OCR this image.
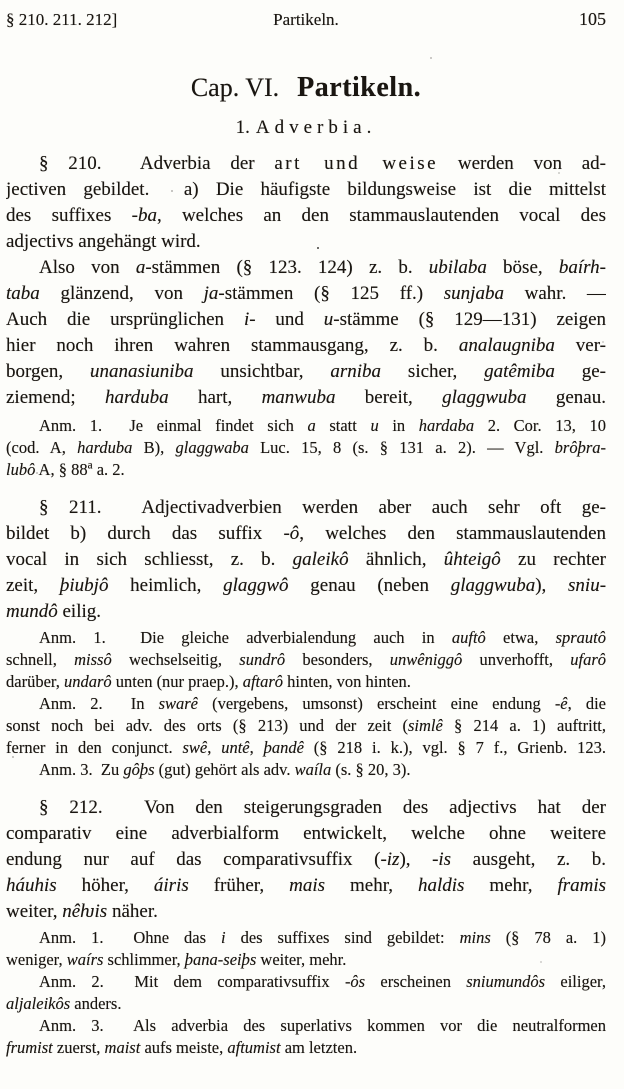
§ 210. 211. 212]	Partikeln.	105
Cap. VI. Partikeln.
1. Adverbia.
§ 210.  Adverbia der art und weise werden von ad-
jectiven gebildet.  a) Die häufigste bildungsweise ist die mittelst
des suffixes -ba, welches an den stammauslautenden vocal des
adjectivs angehängt wird.
Also von a-stämmen (§ 123. 124) z. b. ubilaba böse, baírh-
taba glänzend, von ja-stämmen (§ 125 ff.) sunjaba wahr. —
Auch die ursprünglichen i- und u-stämme (§ 129—131) zeigen
hier noch ihren wahren stammausgang, z. b. analaugniba ver-
borgen, unanasiuniba unsichtbar, arniba sicher, gatêmiba ge-
ziemend; harduba hart, manwuba bereit, glaggwuba genau.
Anm. 1.  Je einmal findet sich a statt u in hardaba 2. Cor. 13, 10
(cod. A, harduba B), glaggwaba Luc. 15, 8 (s. § 131 a. 2). — Vgl. brôþra-
lubô A, § 88$^a$ a. 2.
§ 211.  Adjectivadverbien werden aber auch sehr oft ge-
bildet b) durch das suffix -ô, welches den stammauslautenden
vocal in sich schliesst, z. b. galeikô ähnlich, ûhteigô zu rechter
zeit, þiubjô heimlich, glaggwô genau (neben glaggwuba), sniu-
mundô eilig.
Anm. 1.  Die gleiche adverbialendung auch in auftô etwa, sprautô
schnell, missô wechselseitig, sundrô besonders, unwêniggô unverhofft, ufarô
darüber, undarô unten (nur praep.), aftarô hinten, von hinten.
Anm. 2.  In swarê (vergebens, umsonst) erscheint eine endung -ê, die
sonst noch bei adv. des orts (§ 213) und der zeit (simlê § 214 a. 1) auftritt,
ferner in den conjunct. swê, untê, þandê (§ 218 i. k.), vgl. § 7 f., Grienb. 123.
Anm. 3.  Zu gôþs (gut) gehört als adv. waíla (s. § 20, 3).
§ 212.  Von den steigerungsgraden des adjectivs hat der
comparativ eine adverbialform entwickelt, welche ohne weitere
endung nur auf das comparativsuffix (-iz), -is ausgeht, z. b.
háuhis höher, áiris früher, mais mehr, haldis mehr, framis
weiter, nêƕis näher.
Anm. 1.  Ohne das i des suffixes sind gebildet: mins (§ 78 a. 1)
weniger, waírs schlimmer, þana-seiþs weiter, mehr.
Anm. 2.  Mit dem comparativsuffix -ôs erscheinen sniumundôs eiliger,
aljaleikôs anders.
Anm. 3.  Als adverbia des superlativs kommen vor die neutralformen
frumist zuerst, maist aufs meiste, aftumist am letzten.
